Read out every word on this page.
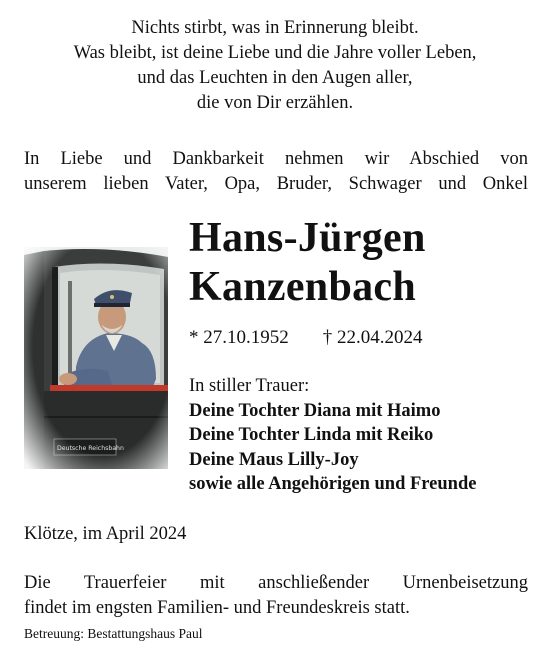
Nichts stirbt, was in Erinnerung bleibt.
Was bleibt, ist deine Liebe und die Jahre voller Leben,
und das Leuchten in den Augen aller,
die von Dir erzählen.
In Liebe und Dankbarkeit nehmen wir Abschied von
unserem lieben Vater, Opa, Bruder, Schwager und Onkel
Hans-Jürgen
Kanzenbach
* 27.10.1952 † 22.04.2024
In stiller Trauer:
Deine Tochter Diana mit Haimo
Deine Tochter Linda mit Reiko
Deine Maus Lilly-Joy
sowie alle Angehörigen und Freunde
Klötze, im April 2024
Die Trauerfeier mit anschließender Urnenbeisetzung
findet im engsten Familien- und Freundeskreis statt.
Betreuung: Bestattungshaus Paul
